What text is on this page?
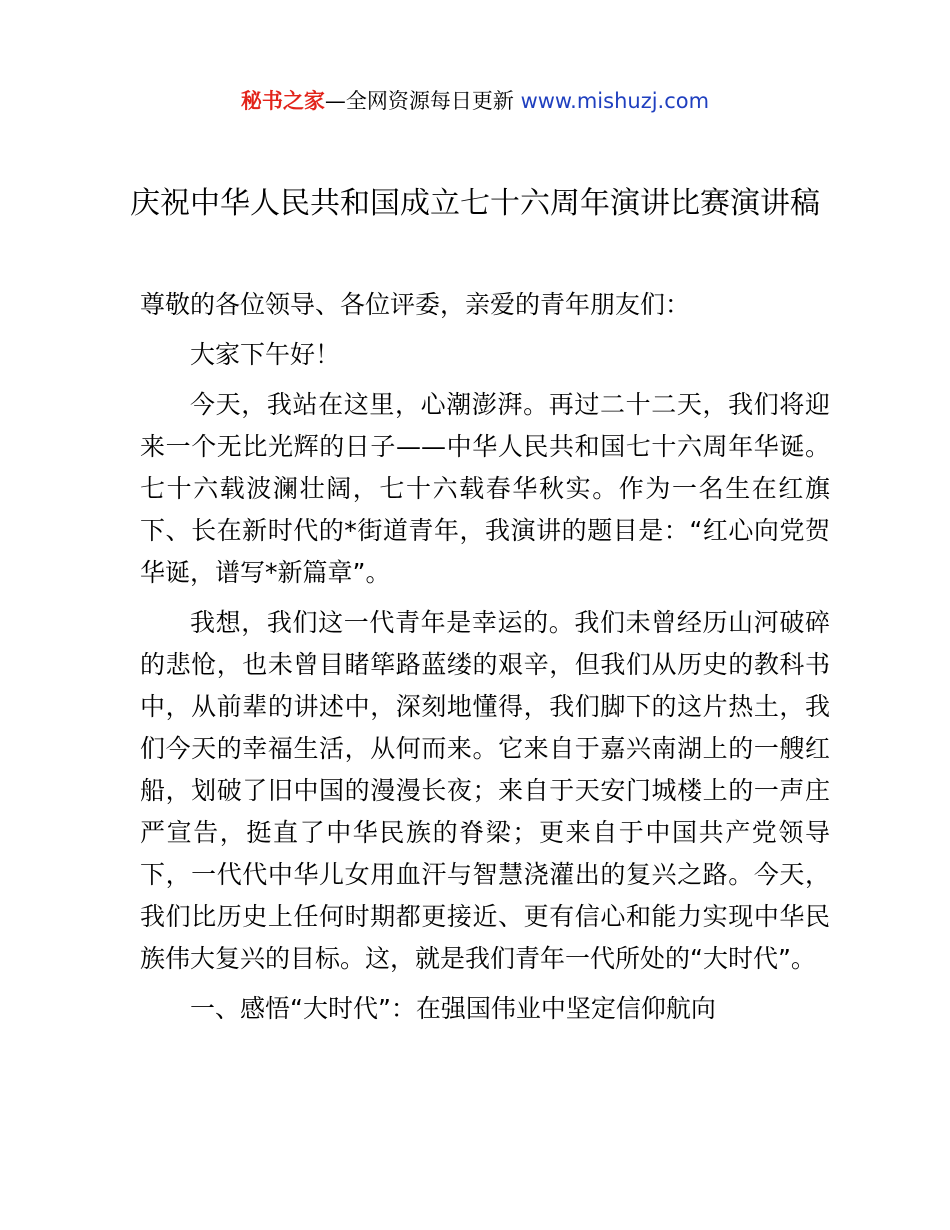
秘书之家—全网资源每日更新 www.mishuzj.com
庆祝中华人民共和国成立七十六周年演讲比赛演讲稿

尊敬的各位领导、各位评委，亲爱的青年朋友们：

大家下午好！

今天，我站在这里，心潮澎湃。再过二十二天，我们将迎来一个无比光辉的日子——中华人民共和国七十六周年华诞。七十六载波澜壮阔，七十六载春华秋实。作为一名生在红旗下、长在新时代的*街道青年，我演讲的题目是：“红心向党贺华诞，谱写*新篇章”。

我想，我们这一代青年是幸运的。我们未曾经历山河破碎的悲怆，也未曾目睹筚路蓝缕的艰辛，但我们从历史的教科书中，从前辈的讲述中，深刻地懂得，我们脚下的这片热土，我们今天的幸福生活，从何而来。它来自于嘉兴南湖上的一艘红船，划破了旧中国的漫漫长夜；来自于天安门城楼上的一声庄严宣告，挺直了中华民族的脊梁；更来自于中国共产党领导下，一代代中华儿女用血汗与智慧浇灌出的复兴之路。今天，我们比历史上任何时期都更接近、更有信心和能力实现中华民族伟大复兴的目标。这，就是我们青年一代所处的“大时代”。

一、感悟“大时代”：在强国伟业中坚定信仰航向
